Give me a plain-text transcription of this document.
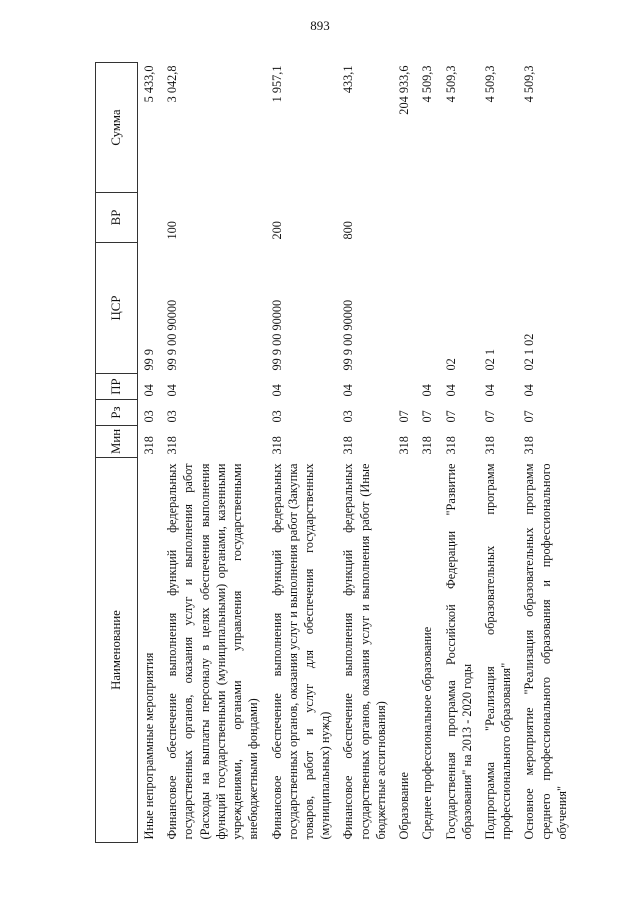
893
Наименование	Мин	Рз	ПР	ЦСР	ВР	Сумма
Иные непрограммные мероприятия	318	03	04	99 9		5 433,0
Финансовое обеспечение выполнения функций федеральных государственных органов, оказания услуг и выполнения работ (Расходы на выплаты персоналу в целях обеспечения выполнения функций государственными (муниципальными) органами, казенными учреждениями, органами управления государственными внебюджетными фондами)	318	03	04	99 9 00 90000	100	3 042,8
Финансовое обеспечение выполнения функций федеральных государственных органов, оказания услуг и выполнения работ (Закупка товаров, работ и услуг для обеспечения государственных (муниципальных) нужд)	318	03	04	99 9 00 90000	200	1 957,1
Финансовое обеспечение выполнения функций федеральных государственных органов, оказания услуг и выполнения работ (Иные бюджетные ассигнования)	318	03	04	99 9 00 90000	800	433,1
Образование	318	07				204 933,6
Среднее профессиональное образование	318	07	04			4 509,3
Государственная программа Российской Федерации "Развитие образования" на 2013 - 2020 годы	318	07	04	02		4 509,3
Подпрограмма "Реализация образовательных программ профессионального образования"	318	07	04	02 1		4 509,3
Основное мероприятие "Реализация образовательных программ среднего профессионального образования и профессионального обучения"	318	07	04	02 1 02		4 509,3
